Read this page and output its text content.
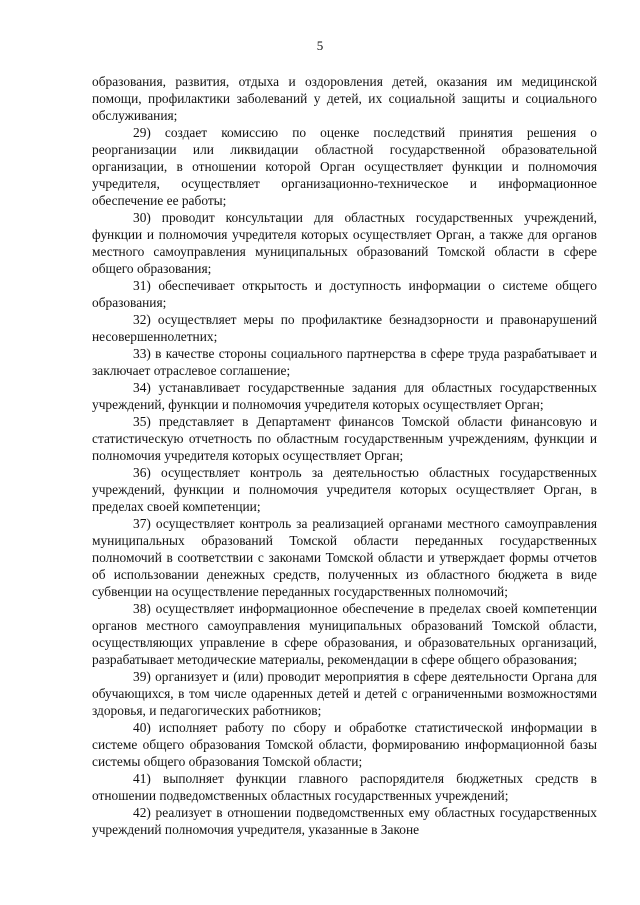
5

образования, развития, отдыха и оздоровления детей, оказания им медицинской помощи, профилактики заболеваний у детей, их социальной защиты и социального обслуживания;

29) создает комиссию по оценке последствий принятия решения о реорганизации или ликвидации областной государственной образовательной организации, в отношении которой Орган осуществляет функции и полномочия учредителя, осуществляет организационно-техническое и информационное обеспечение ее работы;

30) проводит консультации для областных государственных учреждений, функции и полномочия учредителя которых осуществляет Орган, а также для органов местного самоуправления муниципальных образований Томской области в сфере общего образования;

31) обеспечивает открытость и доступность информации о системе общего образования;

32) осуществляет меры по профилактике безнадзорности и правонарушений несовершеннолетних;

33) в качестве стороны социального партнерства в сфере труда разрабатывает и заключает отраслевое соглашение;

34) устанавливает государственные задания для областных государственных учреждений, функции и полномочия учредителя которых осуществляет Орган;

35) представляет в Департамент финансов Томской области финансовую и статистическую отчетность по областным государственным учреждениям, функции и полномочия учредителя которых осуществляет Орган;

36) осуществляет контроль за деятельностью областных государственных учреждений, функции и полномочия учредителя которых осуществляет Орган, в пределах своей компетенции;

37) осуществляет контроль за реализацией органами местного самоуправления муниципальных образований Томской области переданных государственных полномочий в соответствии с законами Томской области и утверждает формы отчетов об использовании денежных средств, полученных из областного бюджета в виде субвенции на осуществление переданных государственных полномочий;

38) осуществляет информационное обеспечение в пределах своей компетенции органов местного самоуправления муниципальных образований Томской области, осуществляющих управление в сфере образования, и образовательных организаций, разрабатывает методические материалы, рекомендации в сфере общего образования;

39) организует и (или) проводит мероприятия в сфере деятельности Органа для обучающихся, в том числе одаренных детей и детей с ограниченными возможностями здоровья, и педагогических работников;

40) исполняет работу по сбору и обработке статистической информации в системе общего образования Томской области, формированию информационной базы системы общего образования Томской области;

41) выполняет функции главного распорядителя бюджетных средств в отношении подведомственных областных государственных учреждений;

42) реализует в отношении подведомственных ему областных государственных учреждений полномочия учредителя, указанные в Законе
